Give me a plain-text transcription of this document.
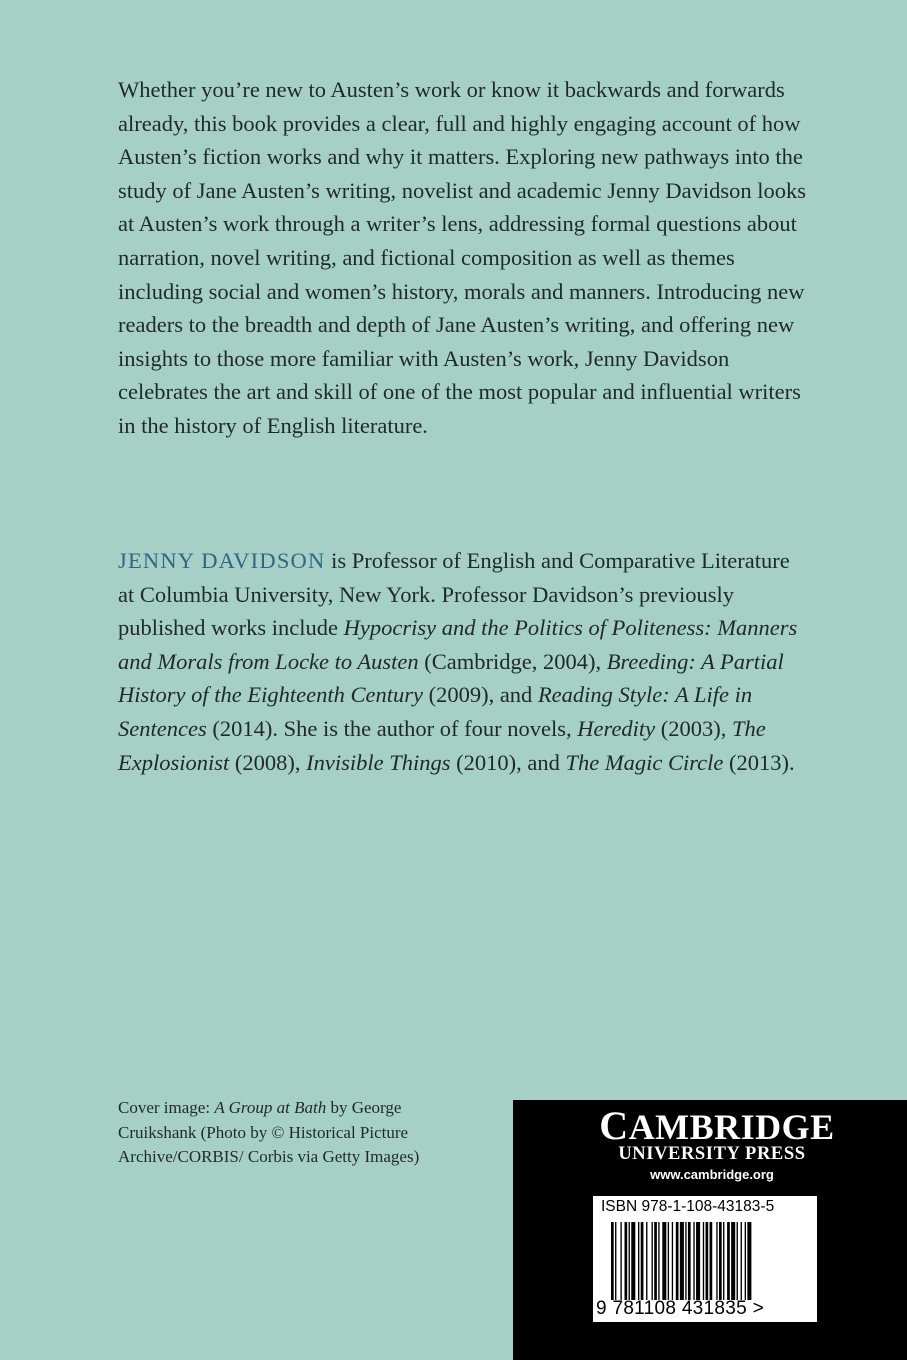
Whether you’re new to Austen’s work or know it backwards and forwards already, this book provides a clear, full and highly engaging account of how Austen’s fiction works and why it matters. Exploring new pathways into the study of Jane Austen’s writing, novelist and academic Jenny Davidson looks at Austen’s work through a writer’s lens, addressing formal questions about narration, novel writing, and fictional composition as well as themes including social and women’s history, morals and manners. Introducing new readers to the breadth and depth of Jane Austen’s writing, and offering new insights to those more familiar with Austen’s work, Jenny Davidson celebrates the art and skill of one of the most popular and influential writers in the history of English literature.

JENNY DAVIDSON is Professor of English and Comparative Literature at Columbia University, New York. Professor Davidson’s previously published works include Hypocrisy and the Politics of Politeness: Manners and Morals from Locke to Austen (Cambridge, 2004), Breeding: A Partial History of the Eighteenth Century (2009), and Reading Style: A Life in Sentences (2014). She is the author of four novels, Heredity (2003), The Explosionist (2008), Invisible Things (2010), and The Magic Circle (2013).

Cover image: A Group at Bath by George Cruikshank (Photo by © Historical Picture Archive/CORBIS/ Corbis via Getty Images)

CAMBRIDGE
UNIVERSITY PRESS
www.cambridge.org
ISBN 978-1-108-43183-5
9 781108 431835 >
